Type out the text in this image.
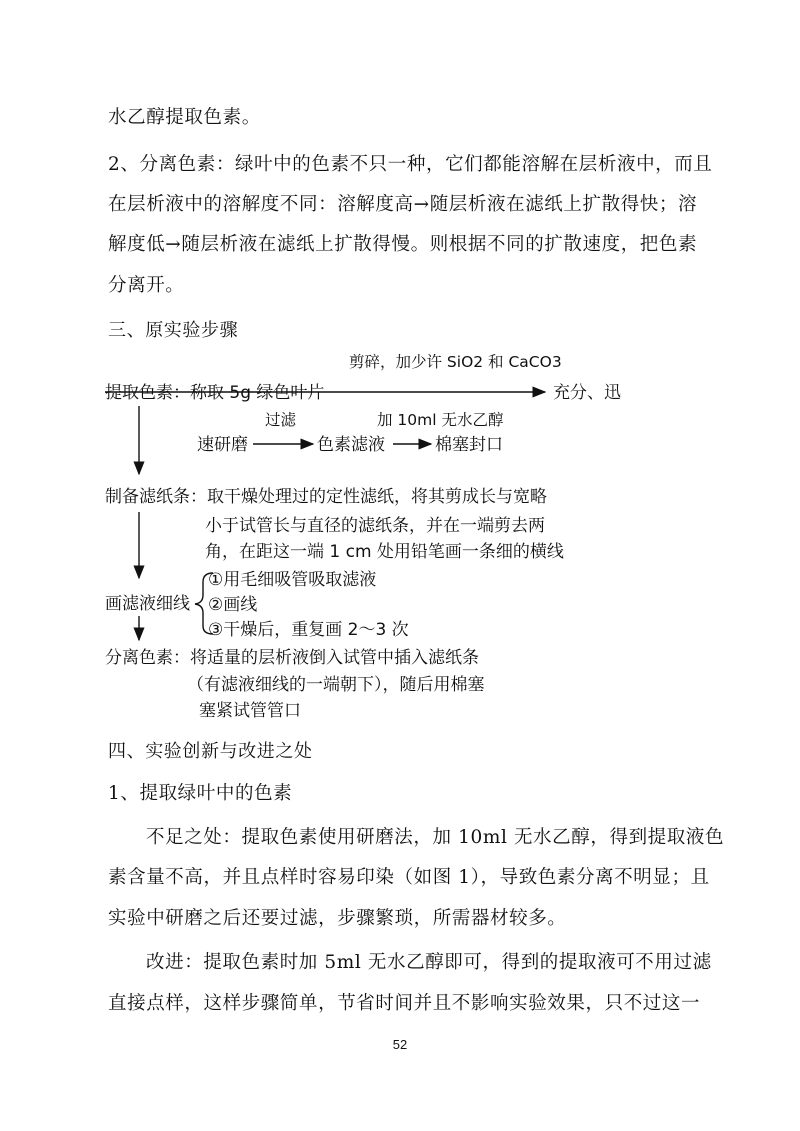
水乙醇提取色素。
2、分离色素：绿叶中的色素不只一种，它们都能溶解在层析液中，而且
在层析液中的溶解度不同：溶解度高→随层析液在滤纸上扩散得快；溶
解度低→随层析液在滤纸上扩散得慢。则根据不同的扩散速度，把色素
分离开。
三、原实验步骤
剪碎，加少许 SiO2 和 CaCO3
提取色素：称取 5g 绿色叶片	充分、迅
过滤	加 10ml 无水乙醇
速研磨	色素滤液	棉塞封口
制备滤纸条：取干燥处理过的定性滤纸，将其剪成长与宽略
小于试管长与直径的滤纸条，并在一端剪去两
角，在距这一端 1 cm 处用铅笔画一条细的横线
画滤液细线
①用毛细吸管吸取滤液
②画线
③干燥后，重复画 2～3 次
分离色素：将适量的层析液倒入试管中插入滤纸条
（有滤液细线的一端朝下），随后用棉塞
塞紧试管管口
四、实验创新与改进之处
1、提取绿叶中的色素
不足之处：提取色素使用研磨法，加 10ml 无水乙醇，得到提取液色
素含量不高，并且点样时容易印染（如图 1），导致色素分离不明显；且
实验中研磨之后还要过滤，步骤繁琐，所需器材较多。
改进：提取色素时加 5ml 无水乙醇即可，得到的提取液可不用过滤
直接点样，这样步骤简单，节省时间并且不影响实验效果，只不过这一
52
